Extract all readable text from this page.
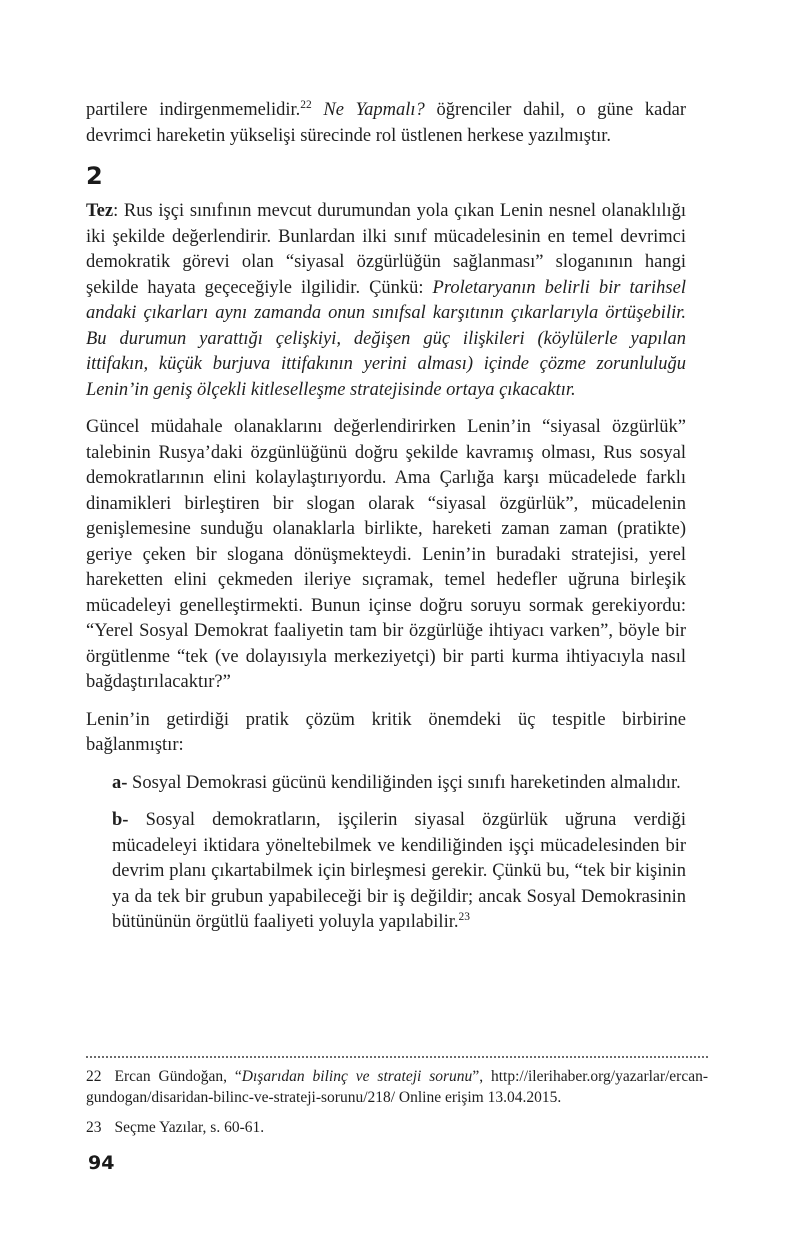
partilere indirgenmemelidir.$^{22}$ Ne Yapmalı? öğrenciler dahil, o güne kadar devrimci hareketin yükselişi sürecinde rol üstlenen herkese yazılmıştır.

2

Tez: Rus işçi sınıfının mevcut durumundan yola çıkan Lenin nesnel olanaklılığı iki şekilde değerlendirir. Bunlardan ilki sınıf mücadelesinin en temel devrimci demokratik görevi olan “siyasal özgürlüğün sağlanması” sloganının hangi şekilde hayata geçeceğiyle ilgilidir. Çünkü: Proletaryanın belirli bir tarihsel andaki çıkarları aynı zamanda onun sınıfsal karşıtının çıkarlarıyla örtüşebilir. Bu durumun yarattığı çelişkiyi, değişen güç ilişkileri (köylülerle yapılan ittifakın, küçük burjuva ittifakının yerini alması) içinde çözme zorunluluğu Lenin’in geniş ölçekli kitleselleşme stratejisinde ortaya çıkacaktır.

Güncel müdahale olanaklarını değerlendirirken Lenin’in “siyasal özgürlük” talebinin Rusya’daki özgünlüğünü doğru şekilde kavramış olması, Rus sosyal demokratlarının elini kolaylaştırıyordu. Ama Çarlığa karşı mücadelede farklı dinamikleri birleştiren bir slogan olarak “siyasal özgürlük”, mücadelenin genişlemesine sunduğu olanaklarla birlikte, hareketi zaman zaman (pratikte) geriye çeken bir slogana dönüşmekteydi. Lenin’in buradaki stratejisi, yerel hareketten elini çekmeden ileriye sıçramak, temel hedefler uğruna birleşik mücadeleyi genelleştirmekti. Bunun içinse doğru soruyu sormak gerekiyordu: “Yerel Sosyal Demokrat faaliyetin tam bir özgürlüğe ihtiyacı varken”, böyle bir örgütlenme “tek (ve dolayısıyla merkeziyetçi) bir parti kurma ihtiyacıyla nasıl bağdaştırılacaktır?”

Lenin’in getirdiği pratik çözüm kritik önemdeki üç tespitle birbirine bağlanmıştır:

a- Sosyal Demokrasi gücünü kendiliğinden işçi sınıfı hareketinden almalıdır.

b- Sosyal demokratların, işçilerin siyasal özgürlük uğruna verdiği mücadeleyi iktidara yöneltebilmek ve kendiliğinden işçi mücadelesinden bir devrim planı çıkartabilmek için birleşmesi gerekir. Çünkü bu, “tek bir kişinin ya da tek bir grubun yapabileceği bir iş değildir; ancak Sosyal Demokrasinin bütününün örgütlü faaliyeti yoluyla yapılabilir.$^{23}$

22 Ercan Gündoğan, “Dışarıdan bilinç ve strateji sorunu”, http://ilerihaber.org/yazarlar/ercan-gundogan/disaridan-bilinc-ve-strateji-sorunu/218/ Online erişim 13.04.2015.
23 Seçme Yazılar, s. 60-61.
94
